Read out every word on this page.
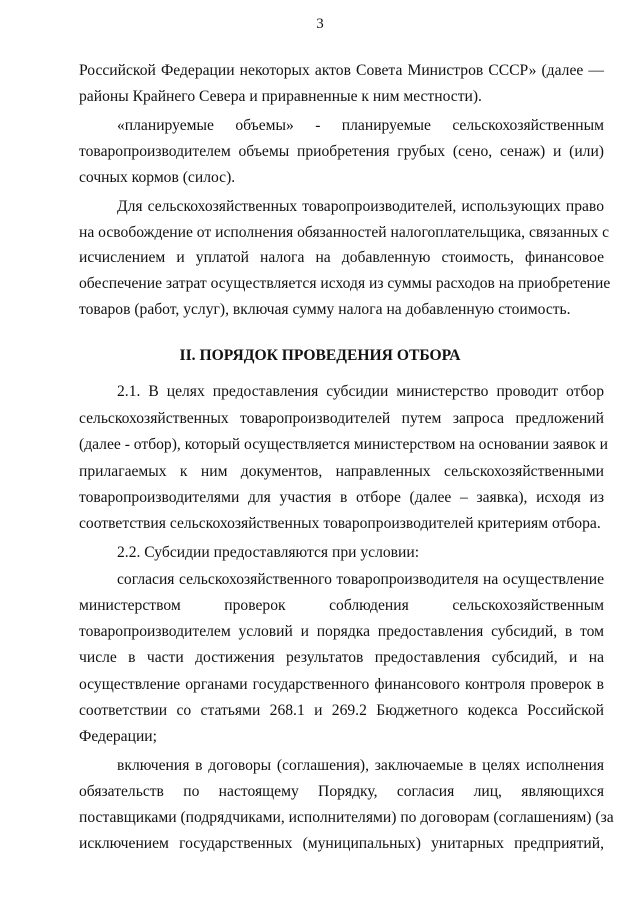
3
Российской Федерации некоторых актов Совета Министров СССР» (далее —
районы Крайнего Севера и приравненные к ним местности).
«планируемые объемы» - планируемые сельскохозяйственным
товаропроизводителем объемы приобретения грубых (сено, сенаж) и (или)
сочных кормов (силос).
Для сельскохозяйственных товаропроизводителей, использующих право
на освобождение от исполнения обязанностей налогоплательщика, связанных с
исчислением и уплатой налога на добавленную стоимость, финансовое
обеспечение затрат осуществляется исходя из суммы расходов на приобретение
товаров (работ, услуг), включая сумму налога на добавленную стоимость.
II. ПОРЯДОК ПРОВЕДЕНИЯ ОТБОРА
2.1. В целях предоставления субсидии министерство проводит отбор
сельскохозяйственных товаропроизводителей путем запроса предложений
(далее - отбор), который осуществляется министерством на основании заявок и
прилагаемых к ним документов, направленных сельскохозяйственными
товаропроизводителями для участия в отборе (далее – заявка), исходя из
соответствия сельскохозяйственных товаропроизводителей критериям отбора.
2.2. Субсидии предоставляются при условии:
согласия сельскохозяйственного товаропроизводителя на осуществление
министерством проверок соблюдения сельскохозяйственным
товаропроизводителем условий и порядка предоставления субсидий, в том
числе в части достижения результатов предоставления субсидий, и на
осуществление органами государственного финансового контроля проверок в
соответствии со статьями 268.1 и 269.2 Бюджетного кодекса Российской
Федерации;
включения в договоры (соглашения), заключаемые в целях исполнения
обязательств по настоящему Порядку, согласия лиц, являющихся
поставщиками (подрядчиками, исполнителями) по договорам (соглашениям) (за
исключением государственных (муниципальных) унитарных предприятий,
